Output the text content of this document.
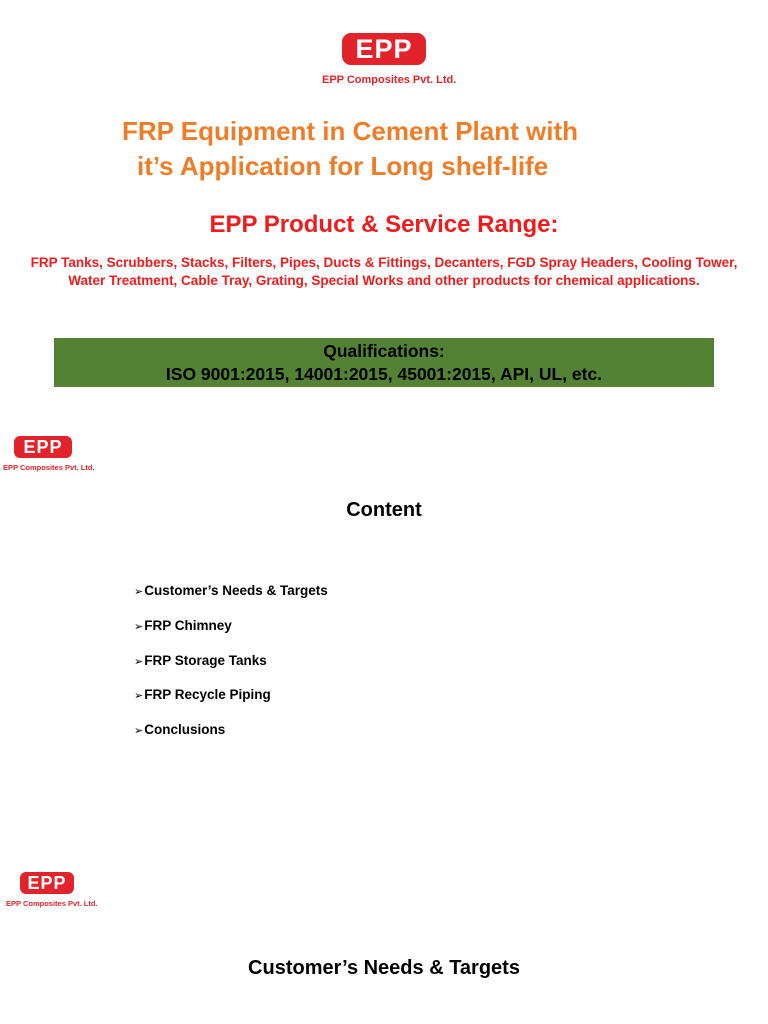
EPP
EPP Composites Pvt. Ltd.
FRP Equipment in Cement Plant with
it’s Application for Long shelf-life
EPP Product & Service Range:
FRP Tanks, Scrubbers, Stacks, Filters, Pipes, Ducts & Fittings, Decanters, FGD Spray Headers, Cooling Tower, Water Treatment, Cable Tray, Grating, Special Works and other products for chemical applications.
Qualifications:
ISO 9001:2015, 14001:2015, 45001:2015, API, UL, etc.
EPP
EPP Composites Pvt. Ltd.
Content
➢Customer’s Needs & Targets
➢FRP Chimney
➢FRP Storage Tanks
➢FRP Recycle Piping
➢Conclusions
EPP
EPP Composites Pvt. Ltd.
Customer’s Needs & Targets
